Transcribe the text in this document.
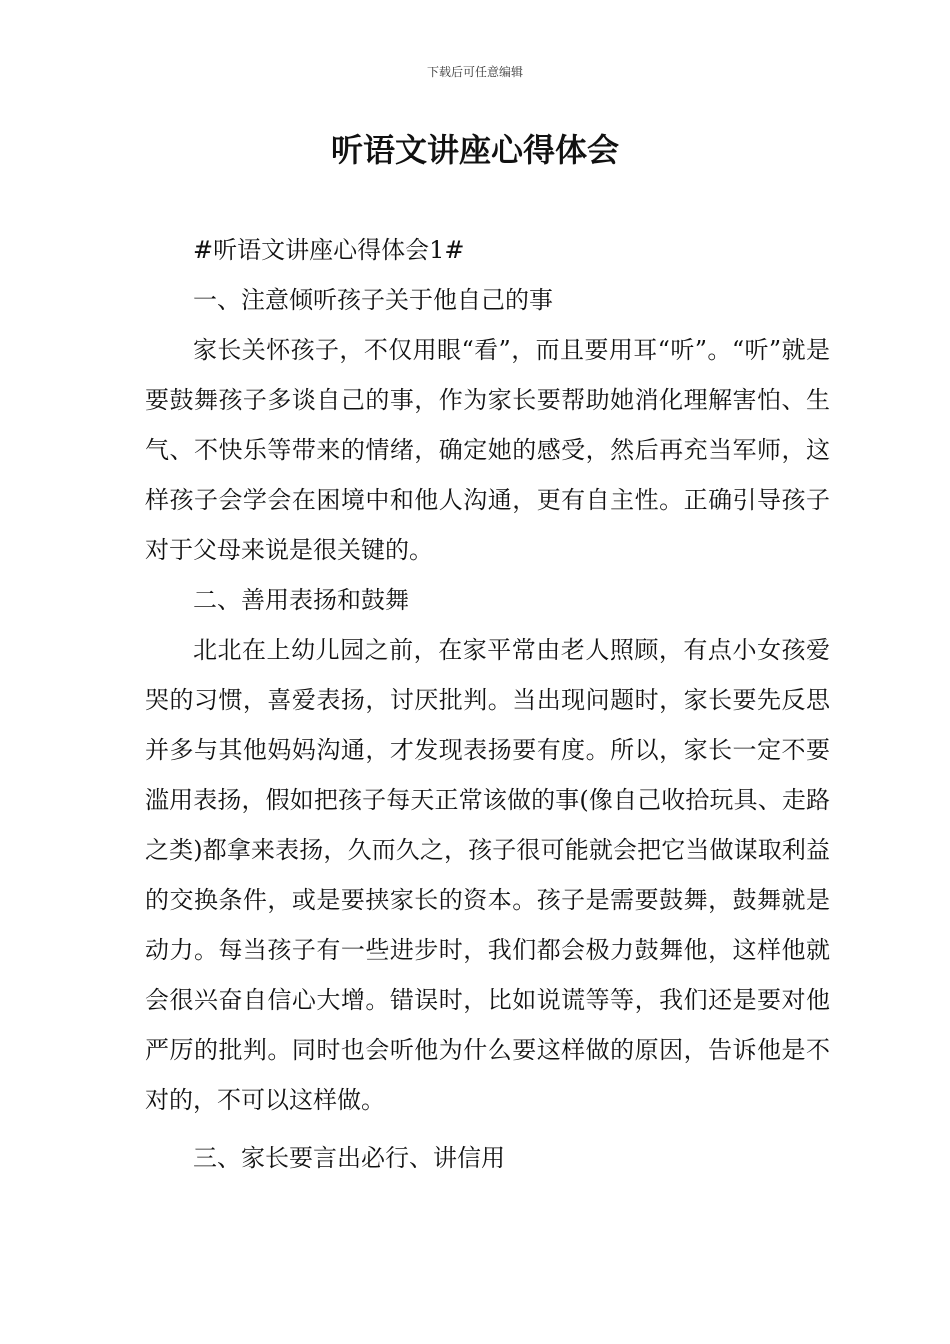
下载后可任意编辑
听语文讲座心得体会

#听语文讲座心得体会1#

一、注意倾听孩子关于他自己的事

家长关怀孩子，不仅用眼“看”，而且要用耳“听”。“听”就是要鼓舞孩子多谈自己的事，作为家长要帮助她消化理解害怕、生气、不快乐等带来的情绪，确定她的感受，然后再充当军师，这样孩子会学会在困境中和他人沟通，更有自主性。正确引导孩子对于父母来说是很关键的。

二、善用表扬和鼓舞

北北在上幼儿园之前，在家平常由老人照顾，有点小女孩爱哭的习惯，喜爱表扬，讨厌批判。当出现问题时，家长要先反思并多与其他妈妈沟通，才发现表扬要有度。所以，家长一定不要滥用表扬，假如把孩子每天正常该做的事(像自己收拾玩具、走路之类)都拿来表扬，久而久之，孩子很可能就会把它当做谋取利益的交换条件，或是要挟家长的资本。孩子是需要鼓舞，鼓舞就是动力。每当孩子有一些进步时，我们都会极力鼓舞他，这样他就会很兴奋自信心大增。错误时，比如说谎等等，我们还是要对他严厉的批判。同时也会听他为什么要这样做的原因，告诉他是不对的，不可以这样做。

三、家长要言出必行、讲信用
